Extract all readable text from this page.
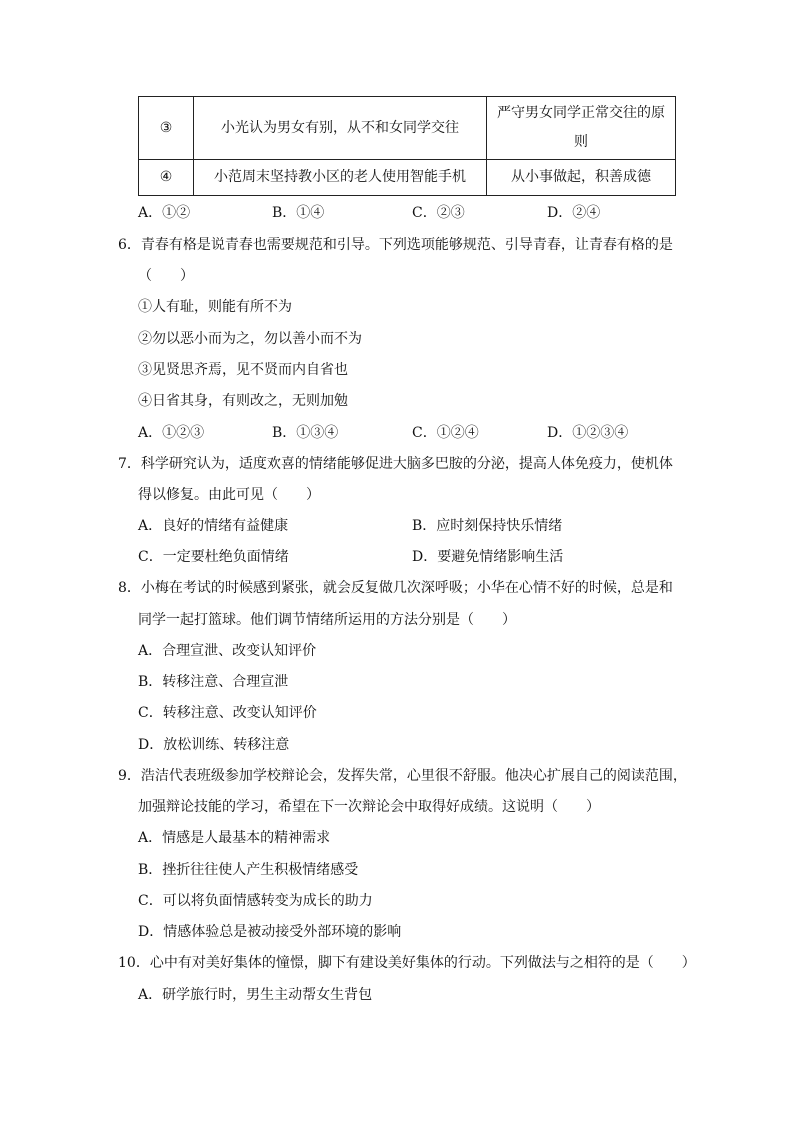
③	小光认为男女有别，从不和女同学交往	严守男女同学正常交往的原
则

④	小范周末坚持教小区的老人使用智能手机	从小事做起，积善成德
A．①②	B．①④	C．②③	D．②④
6．青春有格是说青春也需要规范和引导。下列选项能够规范、引导青春，让青春有格的是
（　　）
①人有耻，则能有所不为
②勿以恶小而为之，勿以善小而不为
③见贤思齐焉，见不贤而内自省也
④日省其身，有则改之，无则加勉
A．①②③	B．①③④	C．①②④	D．①②③④
7．科学研究认为，适度欢喜的情绪能够促进大脑多巴胺的分泌，提高人体免疫力，使机体
得以修复。由此可见（　　）
A．良好的情绪有益健康	B．应时刻保持快乐情绪
C．一定要杜绝负面情绪	D．要避免情绪影响生活
8．小梅在考试的时候感到紧张，就会反复做几次深呼吸；小华在心情不好的时候，总是和
同学一起打篮球。他们调节情绪所运用的方法分别是（　　）
A．合理宣泄、改变认知评价
B．转移注意、合理宣泄
C．转移注意、改变认知评价
D．放松训练、转移注意
9．浩洁代表班级参加学校辩论会，发挥失常，心里很不舒服。他决心扩展自己的阅读范围，
加强辩论技能的学习，希望在下一次辩论会中取得好成绩。这说明（　　）
A．情感是人最基本的精神需求
B．挫折往往使人产生积极情绪感受
C．可以将负面情感转变为成长的助力
D．情感体验总是被动接受外部环境的影响
10．心中有对美好集体的憧憬，脚下有建设美好集体的行动。下列做法与之相符的是（　　）
A．研学旅行时，男生主动帮女生背包
